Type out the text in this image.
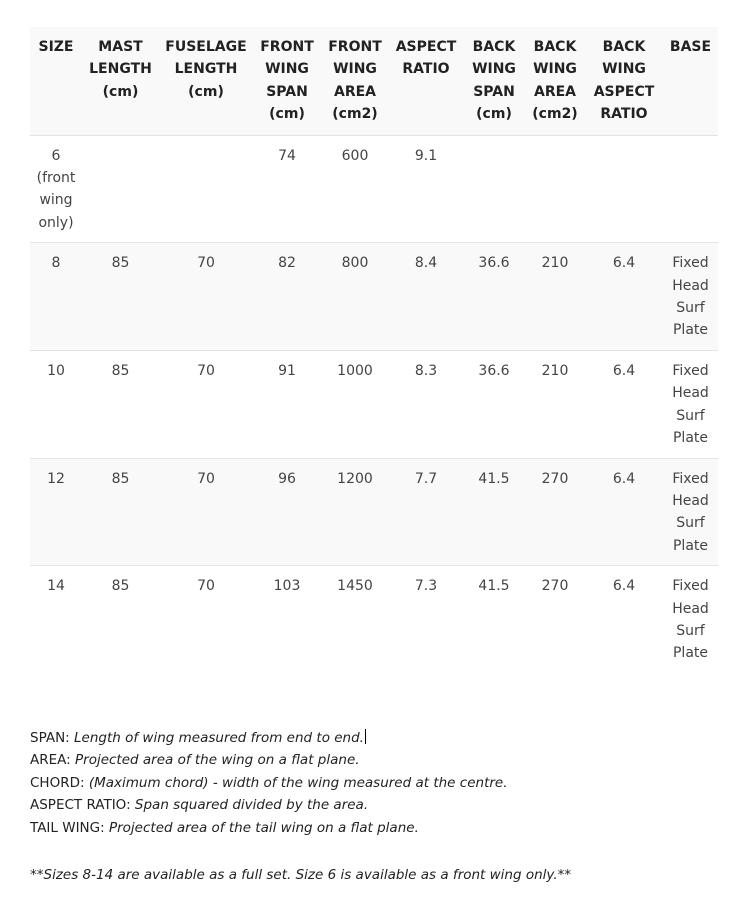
SIZE	MAST LENGTH (cm)	FUSELAGE LENGTH (cm)	FRONT WING SPAN (cm)	FRONT WING AREA (cm2)	ASPECT RATIO	BACK WING SPAN (cm)	BACK WING AREA (cm2)	BACK WING ASPECT RATIO	BASE
6 (front wing only)			74	600	9.1				
8	85	70	82	800	8.4	36.6	210	6.4	Fixed Head Surf Plate
10	85	70	91	1000	8.3	36.6	210	6.4	Fixed Head Surf Plate
12	85	70	96	1200	7.7	41.5	270	6.4	Fixed Head Surf Plate
14	85	70	103	1450	7.3	41.5	270	6.4	Fixed Head Surf Plate
SPAN: Length of wing measured from end to end.
AREA: Projected area of the wing on a flat plane.
CHORD: (Maximum chord) - width of the wing measured at the centre.
ASPECT RATIO: Span squared divided by the area.
TAIL WING: Projected area of the tail wing on a flat plane.
**Sizes 8-14 are available as a full set. Size 6 is available as a front wing only.**
